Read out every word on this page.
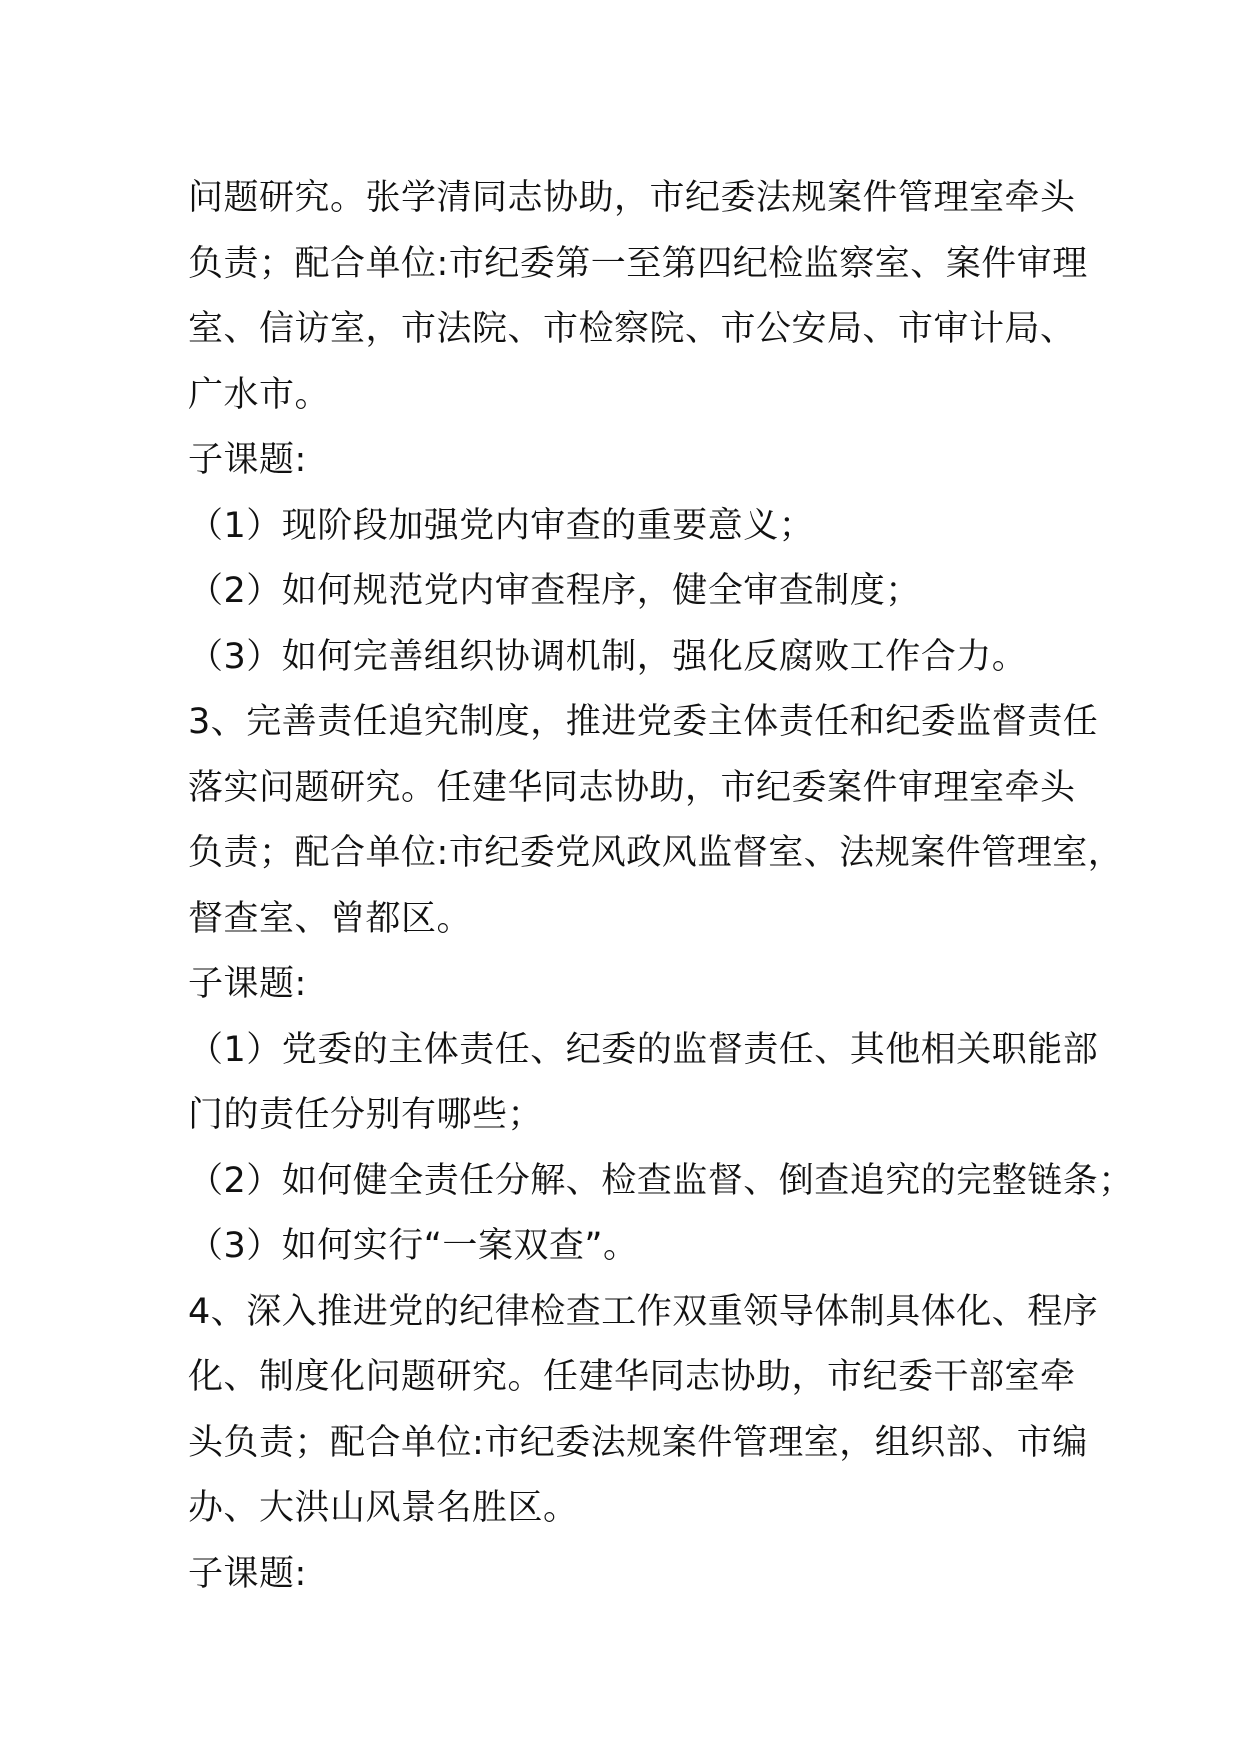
问题研究。张学清同志协助，市纪委法规案件管理室牵头
负责；配合单位:市纪委第一至第四纪检监察室、案件审理
室、信访室，市法院、市检察院、市公安局、市审计局、
广水市。
子课题:
（1）现阶段加强党内审查的重要意义；
（2）如何规范党内审查程序，健全审查制度；
（3）如何完善组织协调机制，强化反腐败工作合力。
3、完善责任追究制度，推进党委主体责任和纪委监督责任
落实问题研究。任建华同志协助，市纪委案件审理室牵头
负责；配合单位:市纪委党风政风监督室、法规案件管理室，
督查室、曾都区。
子课题:
（1）党委的主体责任、纪委的监督责任、其他相关职能部
门的责任分别有哪些；
（2）如何健全责任分解、检查监督、倒查追究的完整链条；
（3）如何实行“一案双查”。
4、深入推进党的纪律检查工作双重领导体制具体化、程序
化、制度化问题研究。任建华同志协助，市纪委干部室牵
头负责；配合单位:市纪委法规案件管理室，组织部、市编
办、大洪山风景名胜区。
子课题:
